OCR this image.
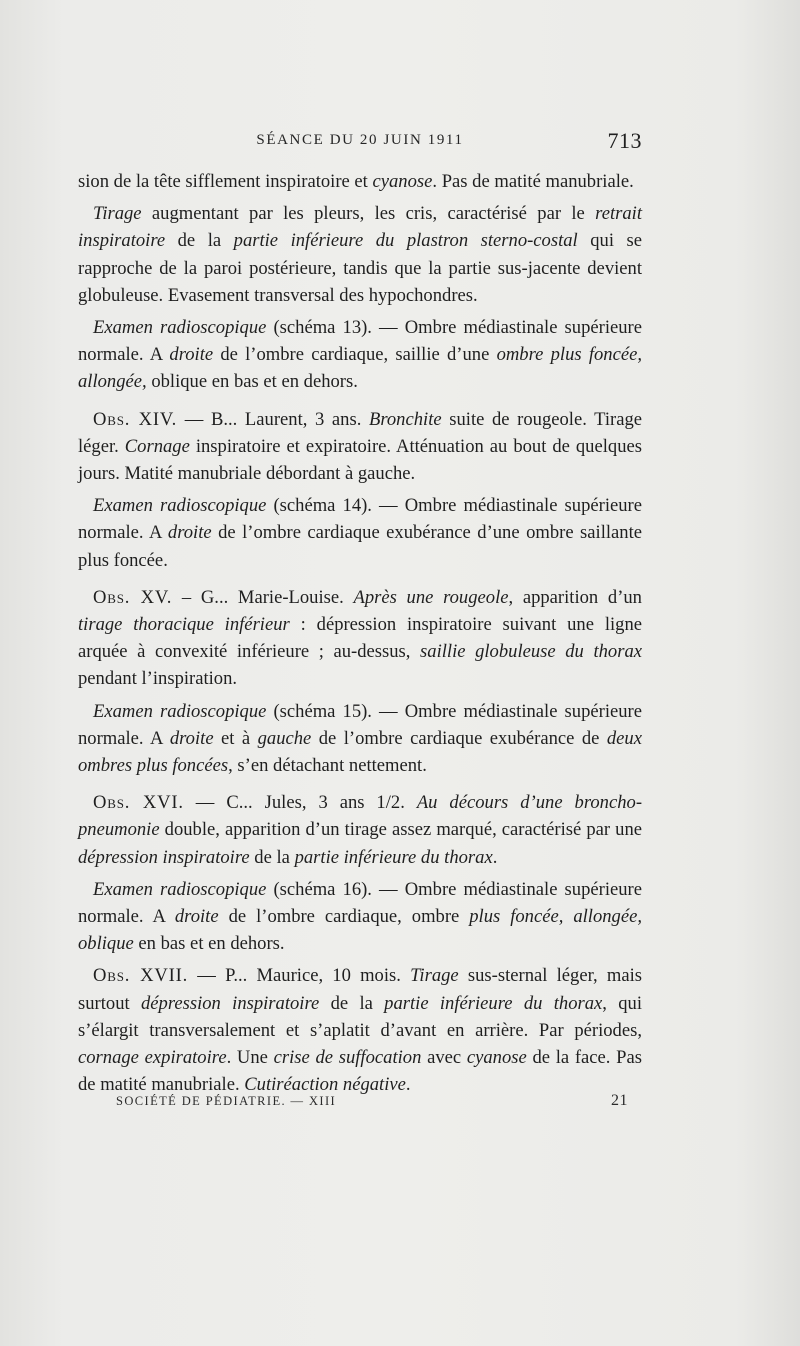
SÉANCE DU 20 JUIN 1911	713

sion de la tête sifflement inspiratoire et cyanose. Pas de matité manubriale.

Tirage augmentant par les pleurs, les cris, caractérisé par le retrait inspiratoire de la partie inférieure du plastron sterno-costal qui se rapproche de la paroi postérieure, tandis que la partie sus-jacente devient globuleuse. Evasement transversal des hypochondres.

Examen radioscopique (schéma 13). — Ombre médiastinale supérieure normale. A droite de l’ombre cardiaque, saillie d’une ombre plus foncée, allongée, oblique en bas et en dehors.

Obs. XIV. — B... Laurent, 3 ans. Bronchite suite de rougeole. Tirage léger. Cornage inspiratoire et expiratoire. Atténuation au bout de quelques jours. Matité manubriale débordant à gauche.

Examen radioscopique (schéma 14). — Ombre médiastinale supérieure normale. A droite de l’ombre cardiaque exubérance d’une ombre saillante plus foncée.

Obs. XV. – G... Marie-Louise. Après une rougeole, apparition d’un tirage thoracique inférieur : dépression inspiratoire suivant une ligne arquée à convexité inférieure ; au-dessus, saillie globuleuse du thorax pendant l’inspiration.

Examen radioscopique (schéma 15). — Ombre médiastinale supérieure normale. A droite et à gauche de l’ombre cardiaque exubérance de deux ombres plus foncées, s’en détachant nettement.

Obs. XVI. — C... Jules, 3 ans 1/2. Au décours d’une broncho-pneumonie double, apparition d’un tirage assez marqué, caractérisé par une dépression inspiratoire de la partie inférieure du thorax.

Examen radioscopique (schéma 16). — Ombre médiastinale supérieure normale. A droite de l’ombre cardiaque, ombre plus foncée, allongée, oblique en bas et en dehors.

Obs. XVII. — P... Maurice, 10 mois. Tirage sus-sternal léger, mais surtout dépression inspiratoire de la partie inférieure du thorax, qui s’élargit transversalement et s’aplatit d’avant en arrière. Par périodes, cornage expiratoire. Une crise de suffocation avec cyanose de la face. Pas de matité manubriale. Cutiréaction négative.

SOCIÉTÉ DE PÉDIATRIE. — XIII	21
